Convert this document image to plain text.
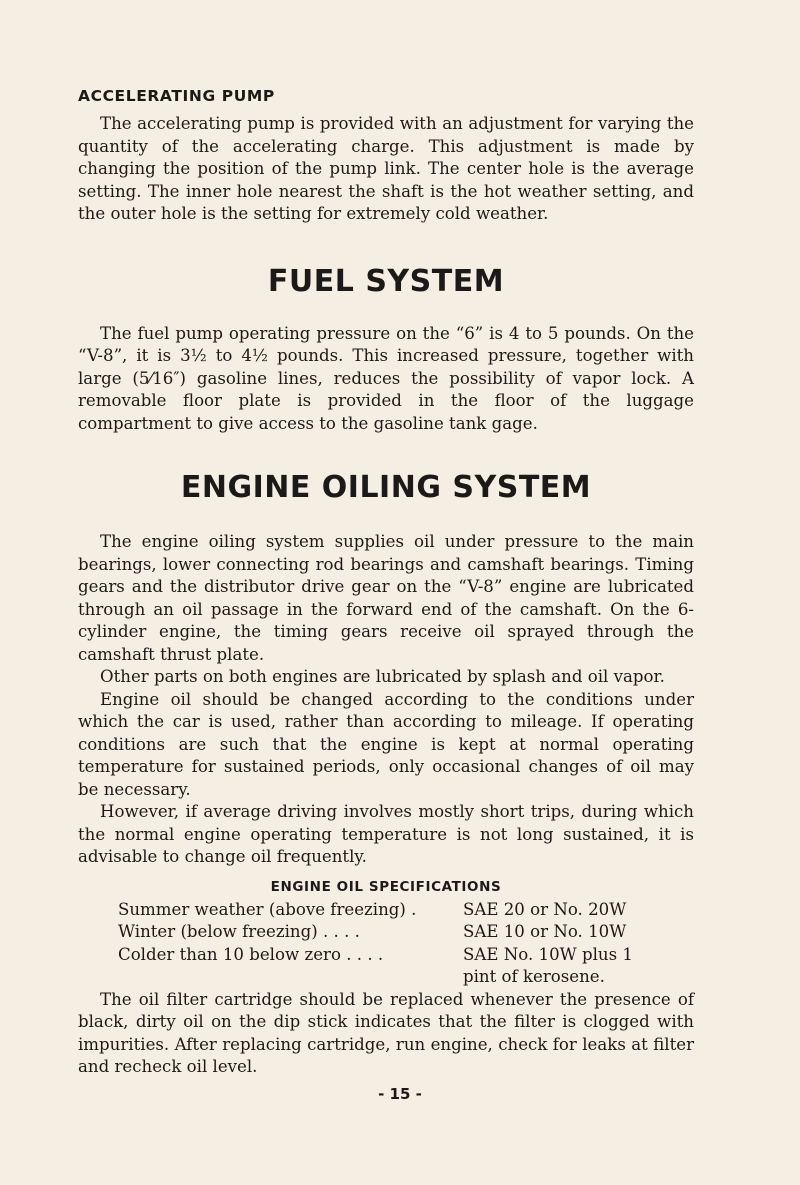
ACCELERATING PUMP

The accelerating pump is provided with an adjustment for varying the quantity of the accelerating charge. This adjustment is made by changing the position of the pump link. The center hole is the average setting. The inner hole nearest the shaft is the hot weather setting, and the outer hole is the setting for extremely cold weather.

FUEL SYSTEM

The fuel pump operating pressure on the “6” is 4 to 5 pounds. On the “V-8”, it is 3½ to 4½ pounds. This increased pressure, together with large (5⁄16″) gasoline lines, reduces the possibility of vapor lock. A removable floor plate is provided in the floor of the luggage compartment to give access to the gasoline tank gage.

ENGINE OILING SYSTEM

The engine oiling system supplies oil under pressure to the main bearings, lower connecting rod bearings and camshaft bearings. Timing gears and the distributor drive gear on the “V-8” engine are lubricated through an oil passage in the forward end of the camshaft. On the 6-cylinder engine, the timing gears receive oil sprayed through the camshaft thrust plate.

Other parts on both engines are lubricated by splash and oil vapor.

Engine oil should be changed according to the conditions under which the car is used, rather than according to mileage. If operating conditions are such that the engine is kept at normal operating temperature for sustained periods, only occasional changes of oil may be necessary.

However, if average driving involves mostly short trips, during which the normal engine operating temperature is not long sustained, it is advisable to change oil frequently.

ENGINE OIL SPECIFICATIONS
Summer weather (above freezing) .	SAE 20 or No. 20W
Winter (below freezing) . . . .	SAE 10 or No. 10W
Colder than 10 below zero . . . .	SAE No. 10W plus 1
pint of kerosene.

The oil filter cartridge should be replaced whenever the presence of black, dirty oil on the dip stick indicates that the filter is clogged with impurities. After replacing cartridge, run engine, check for leaks at filter and recheck oil level.

- 15 -
